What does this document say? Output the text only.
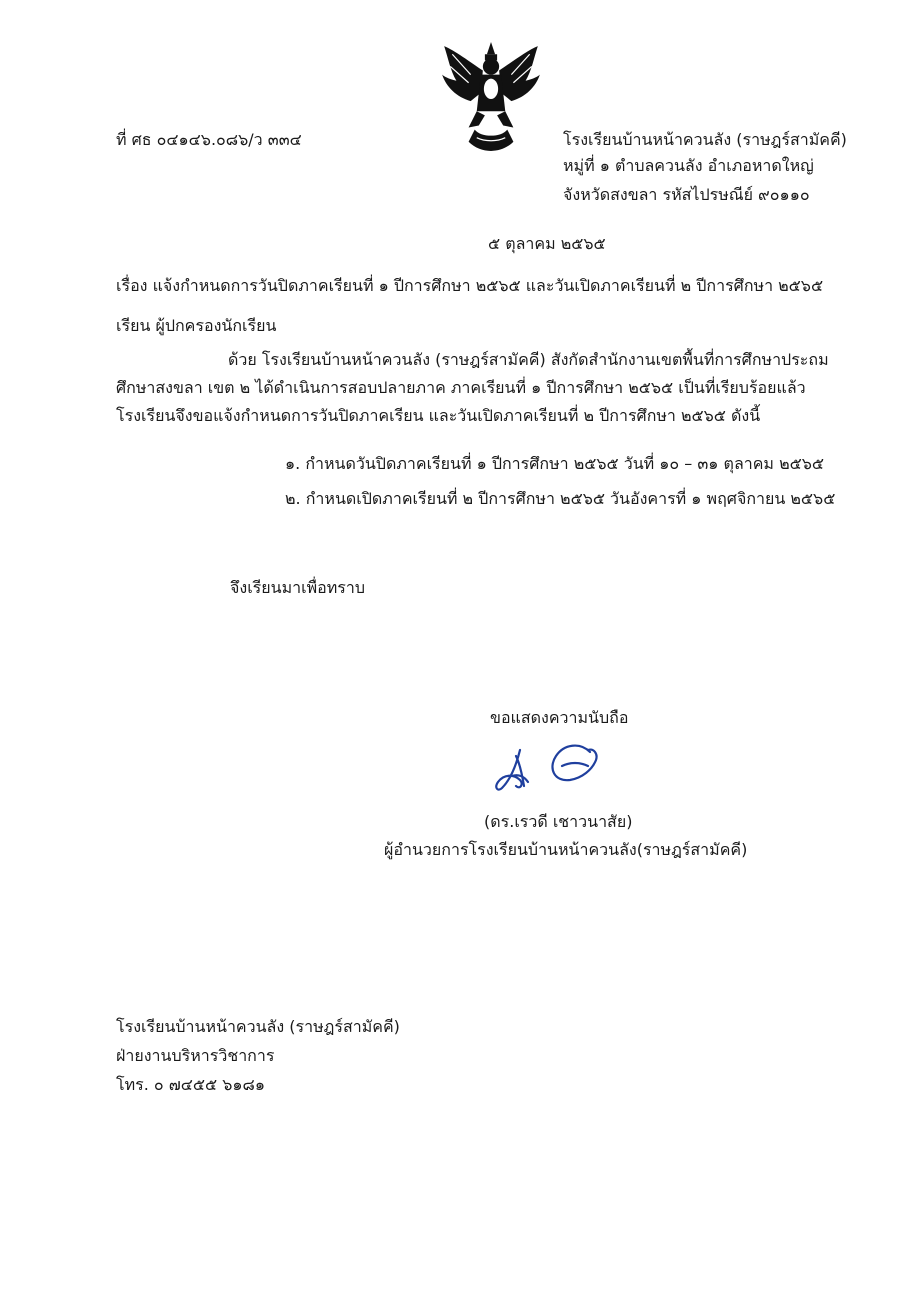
ที่ ศธ ๐๔๑๔๖.๐๘๖/ว ๓๓๔	โรงเรียนบ้านหน้าควนลัง (ราษฎร์สามัคคี)
หมู่ที่ ๑ ตำบลควนลัง อำเภอหาดใหญ่
จังหวัดสงขลา รหัสไปรษณีย์ ๙๐๑๑๐
๕ ตุลาคม ๒๕๖๕
เรื่อง แจ้งกำหนดการวันปิดภาคเรียนที่ ๑ ปีการศึกษา ๒๕๖๕ และวันเปิดภาคเรียนที่ ๒ ปีการศึกษา ๒๕๖๕
เรียน ผู้ปกครองนักเรียน
ด้วย โรงเรียนบ้านหน้าควนลัง (ราษฎร์สามัคคี) สังกัดสำนักงานเขตพื้นที่การศึกษาประถมศึกษาสงขลา เขต ๒ ได้ดำเนินการสอบปลายภาค ภาคเรียนที่ ๑ ปีการศึกษา ๒๕๖๕ เป็นที่เรียบร้อยแล้ว โรงเรียนจึงขอแจ้งกำหนดการวันปิดภาคเรียน และวันเปิดภาคเรียนที่ ๒ ปีการศึกษา ๒๕๖๕ ดังนี้
๑. กำหนดวันปิดภาคเรียนที่ ๑ ปีการศึกษา ๒๕๖๕ วันที่ ๑๐ – ๓๑ ตุลาคม ๒๕๖๕
๒. กำหนดเปิดภาคเรียนที่ ๒ ปีการศึกษา ๒๕๖๕ วันอังคารที่ ๑ พฤศจิกายน ๒๕๖๕
จึงเรียนมาเพื่อทราบ
ขอแสดงความนับถือ
(ดร.เรวดี เชาวนาสัย)
ผู้อำนวยการโรงเรียนบ้านหน้าควนลัง(ราษฎร์สามัคคี)
โรงเรียนบ้านหน้าควนลัง (ราษฎร์สามัคคี)
ฝ่ายงานบริหารวิชาการ
โทร. ๐ ๗๔๕๕ ๖๑๘๑
